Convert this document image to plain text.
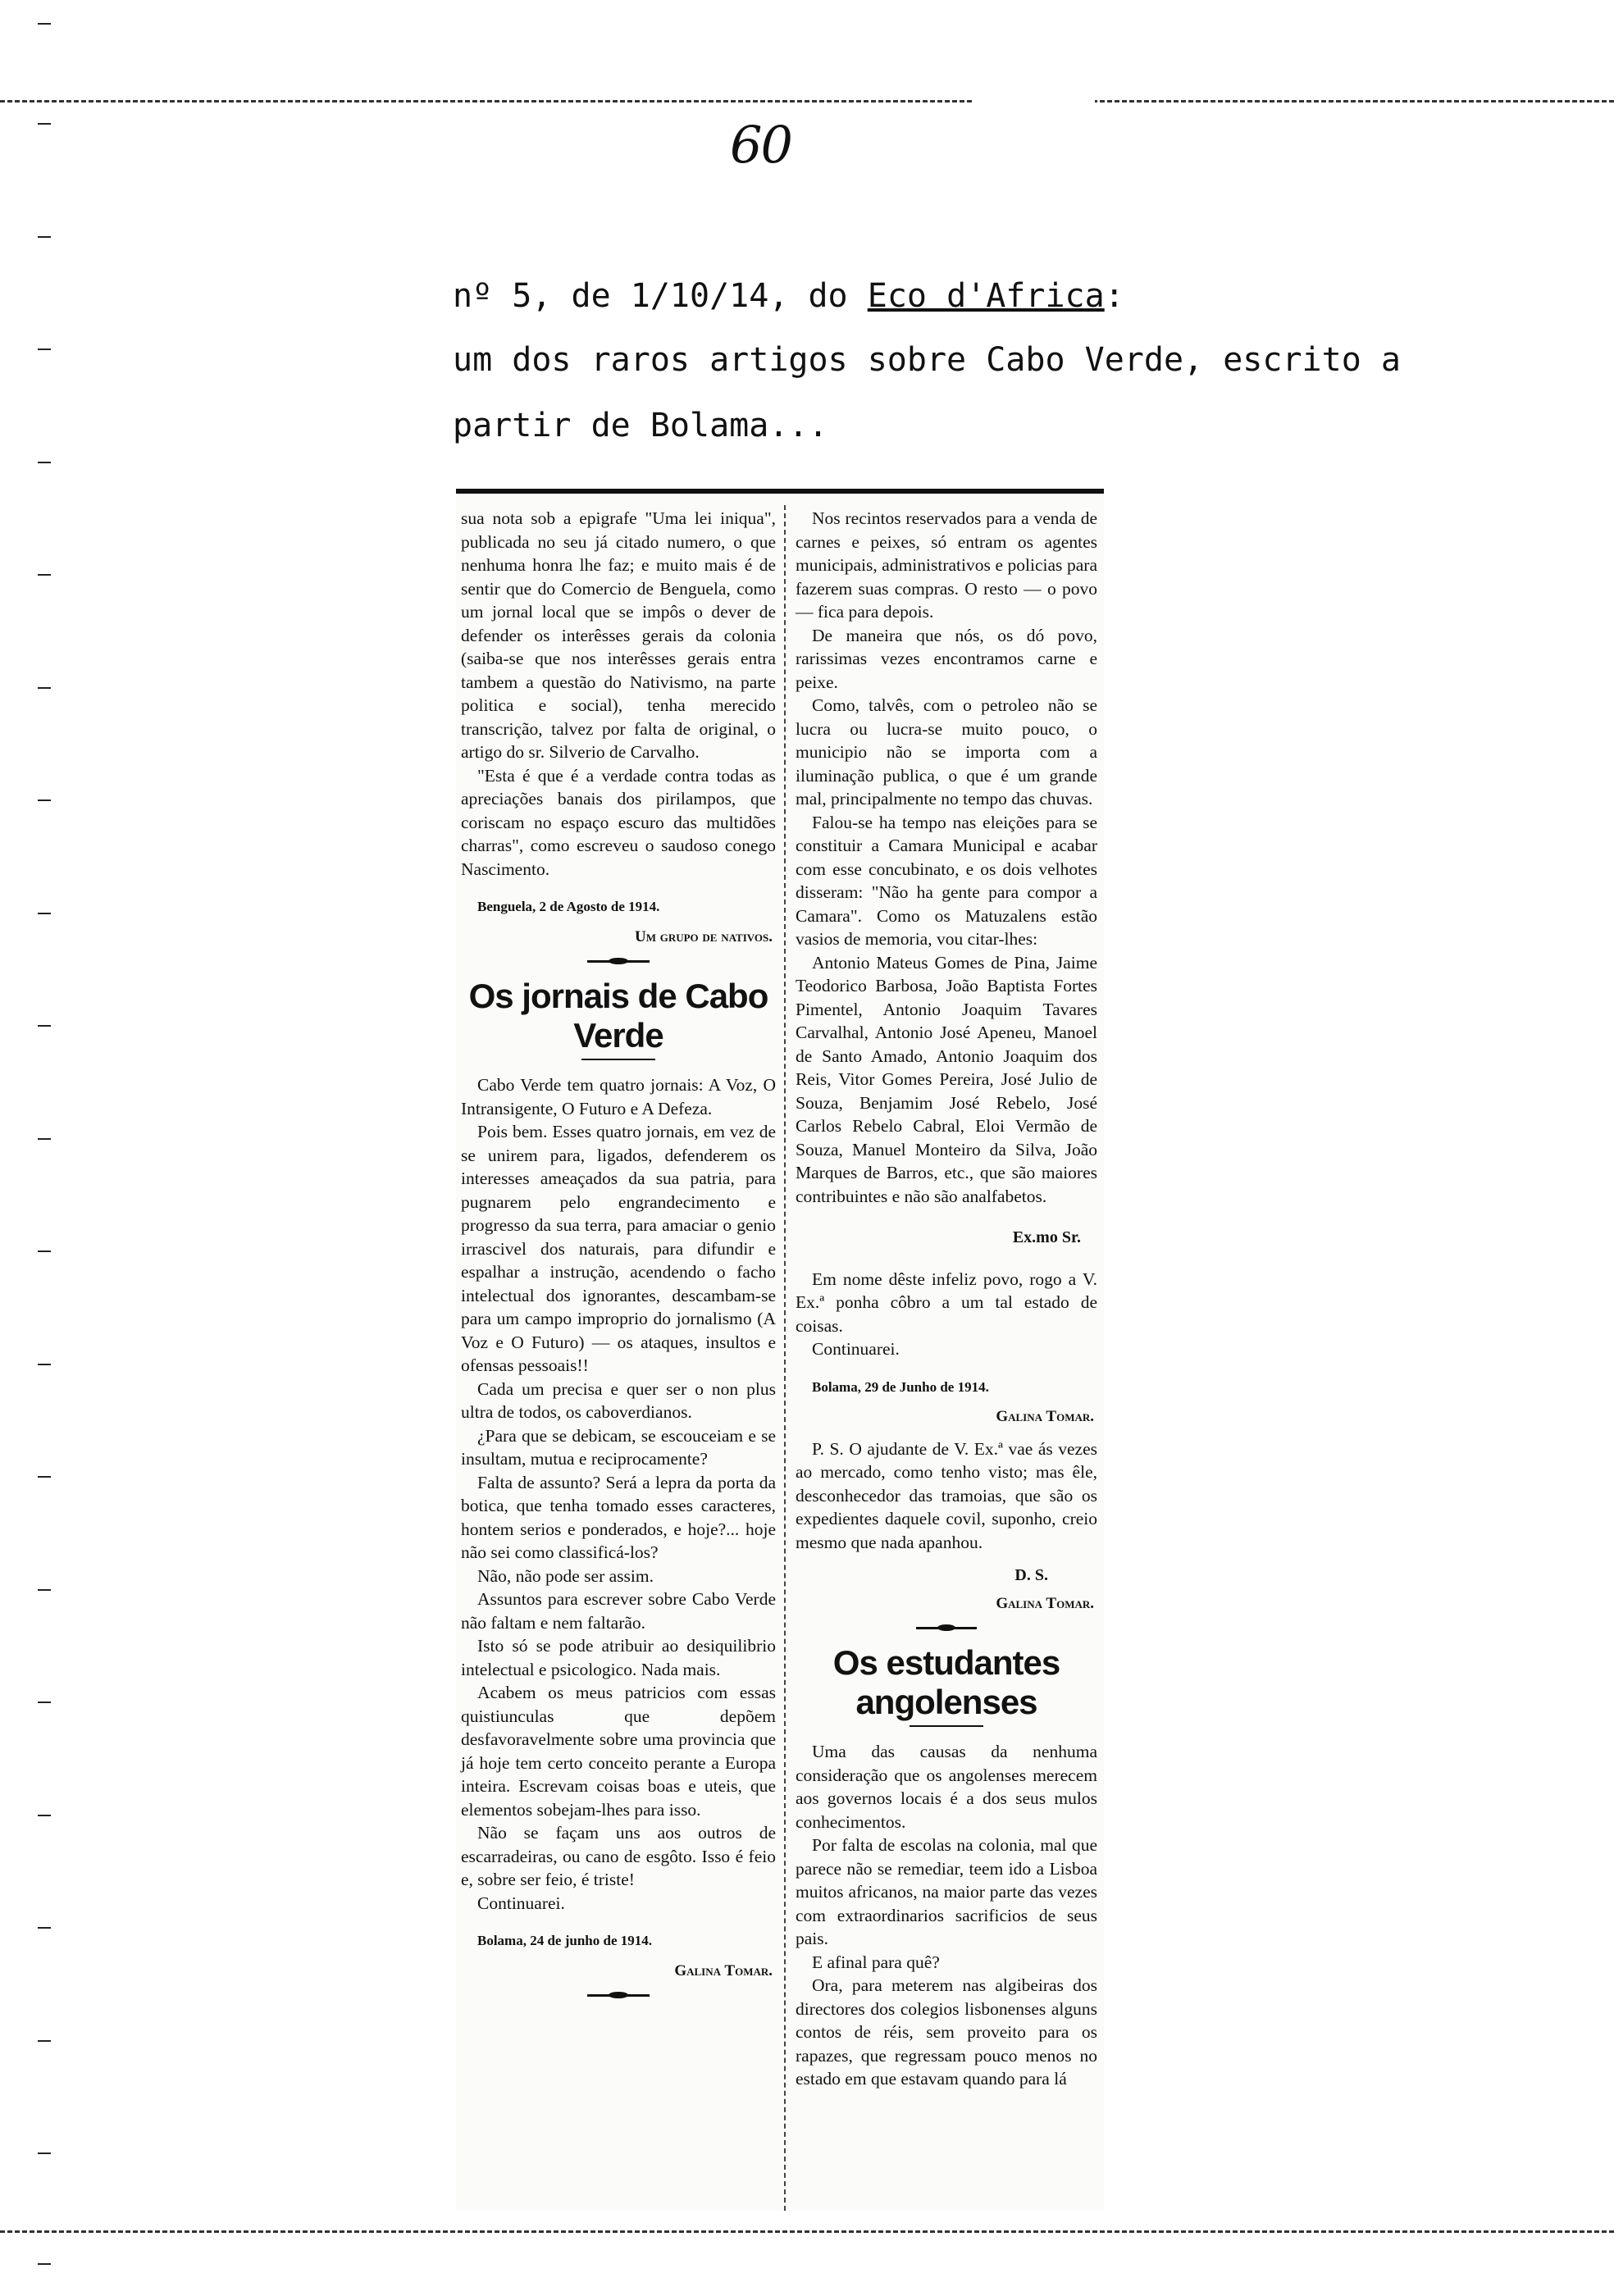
60
nº 5, de 1/10/14, do Eco d'Africa:
um dos raros artigos sobre Cabo Verde, escrito a
partir de Bolama...

sua nota sob a epigrafe "Uma lei iniqua", publicada no seu já citado numero, o que nenhuma honra lhe faz; e muito mais é de sentir que do Comercio de Benguela, como um jornal local que se impôs o dever de defender os interêsses gerais da colonia (saiba-se que nos interêsses gerais entra tambem a questão do Nativismo, na parte politica e social), tenha merecido transcrição, talvez por falta de original, o artigo do sr. Silverio de Carvalho.

"Esta é que é a verdade contra todas as apreciações banais dos pirilampos, que coriscam no espaço escuro das multidões charras", como escreveu o saudoso conego Nascimento.

Benguela, 2 de Agosto de 1914.
Um grupo de nativos.
Os jornais de Cabo Verde

Cabo Verde tem quatro jornais: A Voz, O Intransigente, O Futuro e A Defeza.

Pois bem. Esses quatro jornais, em vez de se unirem para, ligados, defenderem os interesses ameaçados da sua patria, para pugnarem pelo engrandecimento e progresso da sua terra, para amaciar o genio irrascivel dos naturais, para difundir e espalhar a instrução, acendendo o facho intelectual dos ignorantes, descambam-se para um campo improprio do jornalismo (A Voz e O Futuro) — os ataques, insultos e ofensas pessoais!!

Cada um precisa e quer ser o non plus ultra de todos, os caboverdianos.

¿Para que se debicam, se escouceiam e se insultam, mutua e reciprocamente?

Falta de assunto? Será a lepra da porta da botica, que tenha tomado esses caracteres, hontem serios e ponderados, e hoje?... hoje não sei como classificá-los?

Não, não pode ser assim.

Assuntos para escrever sobre Cabo Verde não faltam e nem faltarão.

Isto só se pode atribuir ao desiquilibrio intelectual e psicologico. Nada mais.

Acabem os meus patricios com essas quistiunculas que depõem desfavoravelmente sobre uma provincia que já hoje tem certo conceito perante a Europa inteira. Escrevam coisas boas e uteis, que elementos sobejam-lhes para isso.

Não se façam uns aos outros de escarradeiras, ou cano de esgôto. Isso é feio e, sobre ser feio, é triste!

Continuarei.

Bolama, 24 de junho de 1914.
Galina Tomar.

Nos recintos reservados para a venda de carnes e peixes, só entram os agentes municipais, administrativos e policias para fazerem suas compras. O resto — o povo — fica para depois.

De maneira que nós, os dó povo, rarissimas vezes encontramos carne e peixe.

Como, talvês, com o petroleo não se lucra ou lucra-se muito pouco, o municipio não se importa com a iluminação publica, o que é um grande mal, principalmente no tempo das chuvas.

Falou-se ha tempo nas eleições para se constituir a Camara Municipal e acabar com esse concubinato, e os dois velhotes disseram: "Não ha gente para compor a Camara". Como os Matuzalens estão vasios de memoria, vou citar-lhes:

Antonio Mateus Gomes de Pina, Jaime Teodorico Barbosa, João Baptista Fortes Pimentel, Antonio Joaquim Tavares Carvalhal, Antonio José Apeneu, Manoel de Santo Amado, Antonio Joaquim dos Reis, Vitor Gomes Pereira, José Julio de Souza, Benjamim José Rebelo, José Carlos Rebelo Cabral, Eloi Vermão de Souza, Manuel Monteiro da Silva, João Marques de Barros, etc., que são maiores contribuintes e não são analfabetos.

Ex.mo Sr.

Em nome dêste infeliz povo, rogo a V. Ex.ª ponha côbro a um tal estado de coisas.

Continuarei.

Bolama, 29 de Junho de 1914.
Galina Tomar.

P. S. O ajudante de V. Ex.ª vae ás vezes ao mercado, como tenho visto; mas êle, desconhecedor das tramoias, que são os expedientes daquele covil, suponho, creio mesmo que nada apanhou.

D. S.
Galina Tomar.
Os estudantes angolenses

Uma das causas da nenhuma consideração que os angolenses merecem aos governos locais é a dos seus mulos conhecimentos.

Por falta de escolas na colonia, mal que parece não se remediar, teem ido a Lisboa muitos africanos, na maior parte das vezes com extraordinarios sacrificios de seus pais.

E afinal para quê?

Ora, para meterem nas algibeiras dos directores dos colegios lisbonenses alguns contos de réis, sem proveito para os rapazes, que regressam pouco menos no estado em que estavam quando para lá
